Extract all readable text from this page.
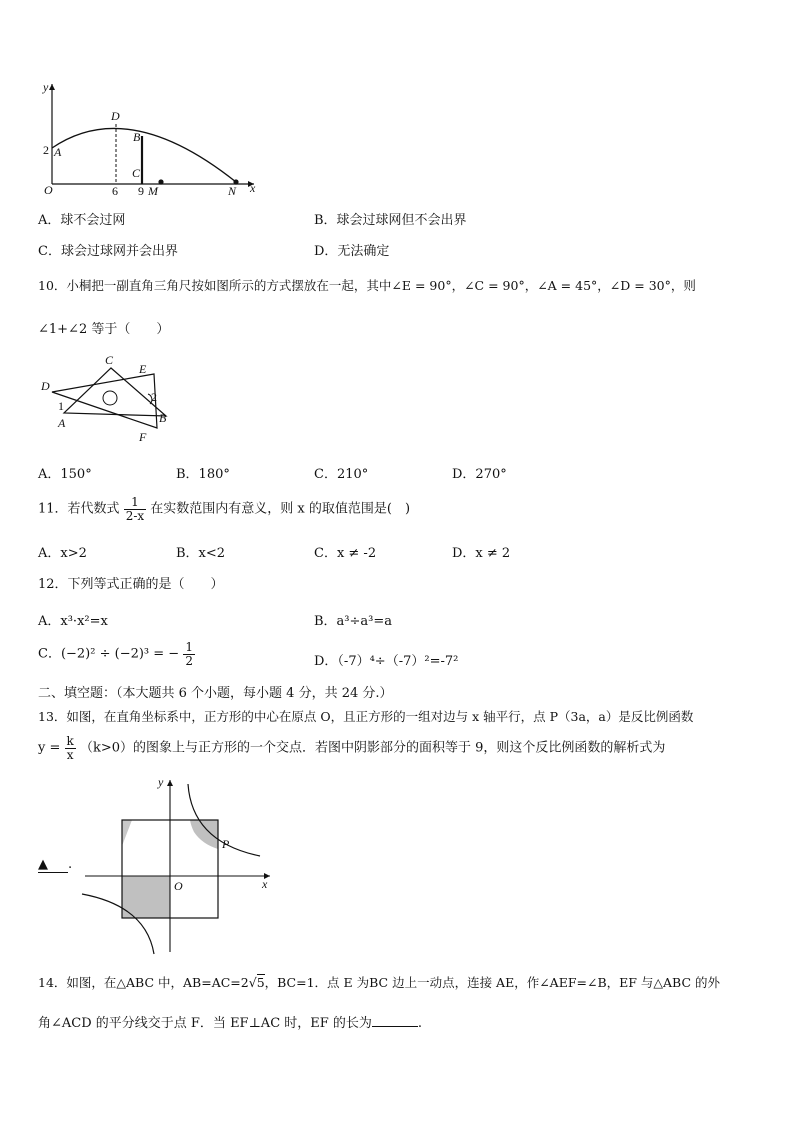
y
x
O
2 A
D
B
C
6 9 M	N
A．球不会过网	B．球会过球网但不会出界
C．球会过球网并会出界	D．无法确定
10．小桐把一副直角三角尺按如图所示的方式摆放在一起，其中∠E = 90°，∠C = 90°，∠A = 45°，∠D = 30°，则
∠1+∠2 等于（　　）
C
E
D
1
2
A	B
F
A．150°	B．180°	C．210°	D．270°
11．若代数式 $\frac{1}{2-x}$ 在实数范围内有意义，则 x 的取值范围是(　)
A．x>2	B．x<2	C．x ≠ -2	D．x ≠ 2
12．下列等式正确的是（　　）
A．x³·x²=x	B．a³÷a³=a
C．(−2)² ÷ (−2)³ = − $\frac{1}{2}$	D．（-7）⁴÷（-7）²=-7²
二、填空题：（本大题共 6 个小题，每小题 4 分，共 24 分.）
13．如图，在直角坐标系中，正方形的中心在原点 O，且正方形的一组对边与 x 轴平行，点 P（3a，a）是反比例函数
$y = \frac{k}{x} (k>0)$的图象上与正方形的一个交点．若图中阴影部分的面积等于 9，则这个反比例函数的解析式为
▲ .
y
x
O
P
14．如图，在△ABC 中，AB=AC=2√5，BC=1．点 E 为BC 边上一动点，连接 AE，作∠AEF=∠B，EF 与△ABC 的外
角∠ACD 的平分线交于点 F．当 EF⊥AC 时，EF 的长为	.
